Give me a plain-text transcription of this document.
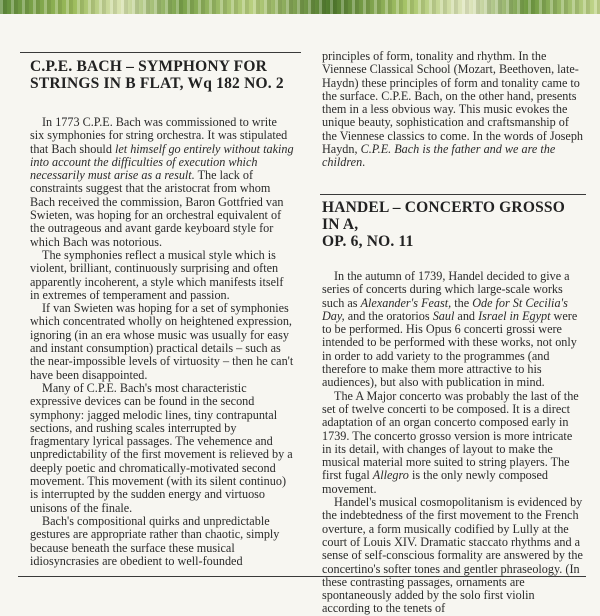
C.P.E. BACH – SYMPHONY FOR
STRINGS IN B FLAT, Wq 182 NO. 2

In 1773 C.P.E. Bach was commissioned to write six symphonies for string orchestra. It was stipulated that Bach should let himself go entirely without taking into account the difficulties of execution which necessarily must arise as a result. The lack of constraints suggest that the aristocrat from whom Bach received the commission, Baron Gottfried van Swieten, was hoping for an orchestral equivalent of the outrageous and avant garde keyboard style for which Bach was notorious.

The symphonies reflect a musical style which is violent, brilliant, continuously surprising and often apparently incoherent, a style which manifests itself in extremes of temperament and passion.

If van Swieten was hoping for a set of symphonies which concentrated wholly on heightened expression, ignoring (in an era whose music was usually for easy and instant consumption) practical details – such as the near-impossible levels of virtuosity – then he can't have been disappointed.

Many of C.P.E. Bach's most characteristic expressive devices can be found in the second symphony: jagged melodic lines, tiny contrapuntal sections, and rushing scales interrupted by fragmentary lyrical passages. The vehemence and unpredictability of the first movement is relieved by a deeply poetic and chromatically-motivated second movement. This movement (with its silent continuo) is interrupted by the sudden energy and virtuoso unisons of the finale.

Bach's compositional quirks and unpredictable gestures are appropriate rather than chaotic, simply because beneath the surface these musical idiosyncrasies are obedient to well-founded

principles of form, tonality and rhythm. In the Viennese Classical School (Mozart, Beethoven, late-Haydn) these principles of form and tonality came to the surface. C.P.E. Bach, on the other hand, presents them in a less obvious way. This music evokes the unique beauty, sophistication and craftsmanship of the Viennese classics to come. In the words of Joseph Haydn, C.P.E. Bach is the father and we are the children.

HANDEL – CONCERTO GROSSO IN A,
OP. 6, NO. 11

In the autumn of 1739, Handel decided to give a series of concerts during which large-scale works such as Alexander's Feast, the Ode for St Cecilia's Day, and the oratorios Saul and Israel in Egypt were to be performed. His Opus 6 concerti grossi were intended to be performed with these works, not only in order to add variety to the programmes (and therefore to make them more attractive to his audiences), but also with publication in mind.

The A Major concerto was probably the last of the set of twelve concerti to be composed. It is a direct adaptation of an organ concerto composed early in 1739. The concerto grosso version is more intricate in its detail, with changes of layout to make the musical material more suited to string players. The first fugal Allegro is the only newly composed movement.

Handel's musical cosmopolitanism is evidenced by the indebtedness of the first movement to the French overture, a form musically codified by Lully at the court of Louis XIV. Dramatic staccato rhythms and a sense of self-conscious formality are answered by the concertino's softer tones and gentler phraseology. (In these contrasting passages, ornaments are spontaneously added by the solo first violin according to the tenets of
